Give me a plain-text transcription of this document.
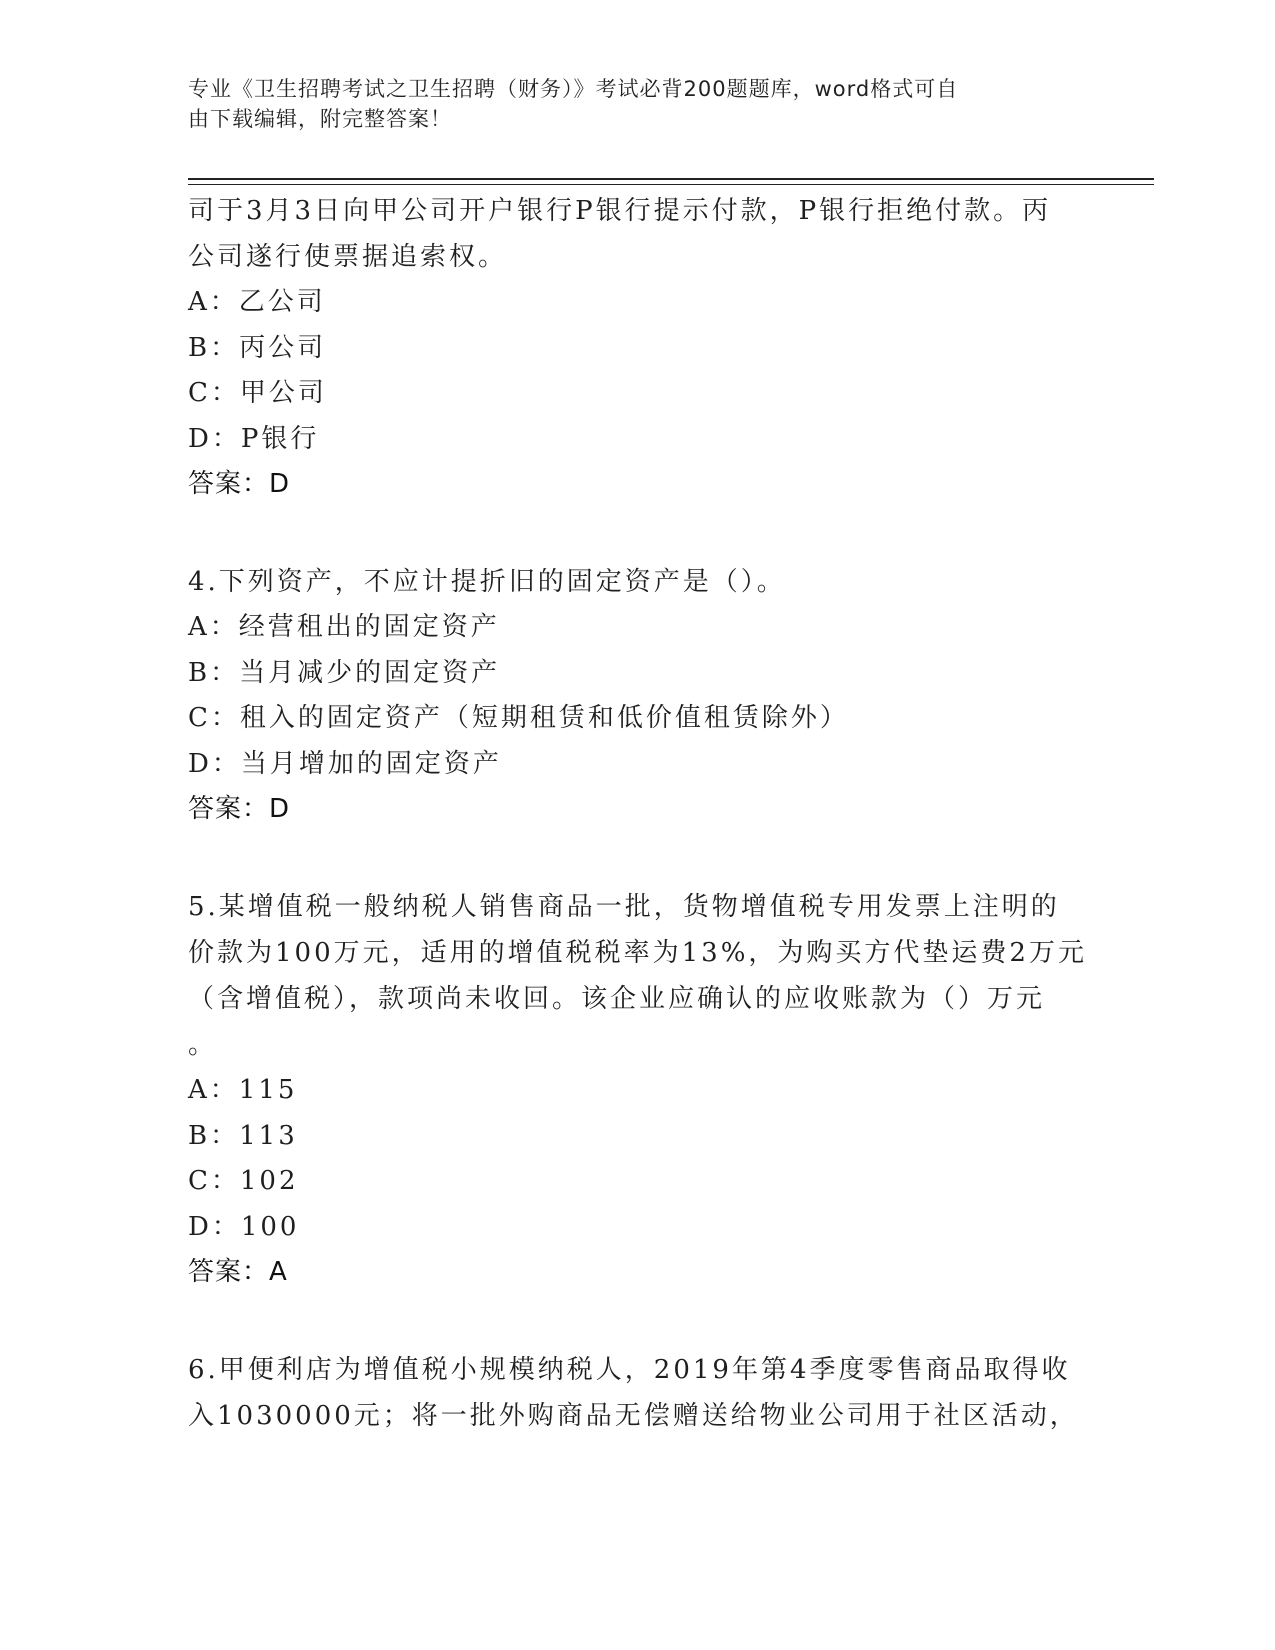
专业《卫生招聘考试之卫生招聘（财务）》考试必背200题题库，word格式可自
由下载编辑，附完整答案！
司于3月3日向甲公司开户银行P银行提示付款，P银行拒绝付款。丙
公司遂行使票据追索权。
A：乙公司
B：丙公司
C：甲公司
D：P银行
答案：D
4.下列资产，不应计提折旧的固定资产是（）。
A：经营租出的固定资产
B：当月减少的固定资产
C：租入的固定资产（短期租赁和低价值租赁除外）
D：当月增加的固定资产
答案：D
5.某增值税一般纳税人销售商品一批，货物增值税专用发票上注明的
价款为100万元，适用的增值税税率为13%，为购买方代垫运费2万元
（含增值税），款项尚未收回。该企业应确认的应收账款为（）万元
。
A：115
B：113
C：102
D：100
答案：A
6.甲便利店为增值税小规模纳税人，2019年第4季度零售商品取得收
入1030000元；将一批外购商品无偿赠送给物业公司用于社区活动，
